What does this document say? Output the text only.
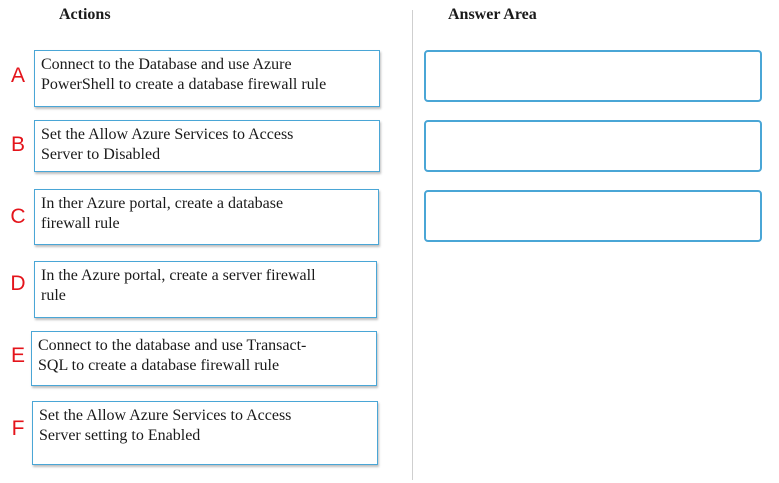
Actions	Answer Area
A Connect to the Database and use Azure
PowerShell to create a database firewall rule
B Set the Allow Azure Services to Access
Server to Disabled
C
In ther Azure portal, create a database
firewall rule
D In the Azure portal, create a server firewall
rule
E Connect to the database and use Transact-
SQL to create a database firewall rule
F
Set the Allow Azure Services to Access
Server setting to Enabled
